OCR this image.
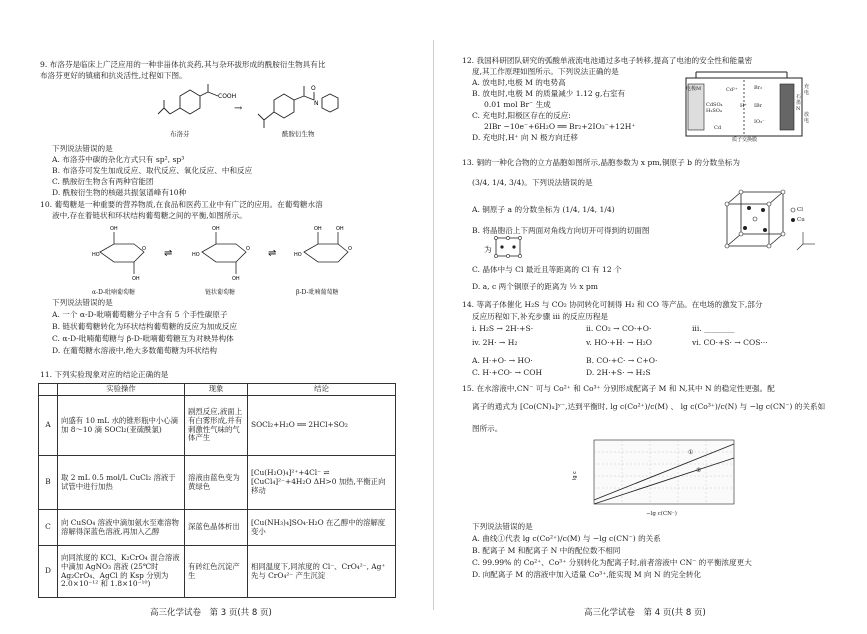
9. 布洛芬是临床上广泛应用的一种非甾体抗炎药,其与杂环拔形成的酰胺衍生物具有比
布洛芬更好的镇痛和抗炎活性,过程如下图。
COOH
布洛芬
→
O
N
酰胺衍生物
下列说法错误的是
A. 布洛芬中碳的杂化方式只有 sp², sp³
B. 布洛芬可发生加成反应、取代反应、氧化反应、中和反应
C. 酰胺衍生物含有两种官能团
D. 酰胺衍生物的核磁共振氢谱峰有10种
10. 葡萄糖是一种重要的营养物质,在食品和医药工业中有广泛的应用。在葡萄糖水溶
液中,存在着链状和环状结构葡萄糖之间的平衡,如图所示。
OH
OH
HO
O
OH
OH
HO
O
OH	OH
HO
O
⇌	⇌
α-D-吡喃葡萄糖	链状葡萄糖	β-D-吡喃葡萄糖
下列说法错误的是
A. 一个 α-D-吡喃葡萄糖分子中含有 5 个手性碳原子
B. 链状葡萄糖转化为环状结构葡萄糖的反应为加成反应
C. α-D-吡喃葡萄糖与 β-D-吡喃葡萄糖互为对映异构体
D. 在葡萄糖水溶液中,绝大多数葡萄糖为环状结构
11. 下列实验现象对应的结论正确的是
	实验操作	现象	结论
A	向盛有 10 mL 水的锥形瓶中小心滴加 8～10 滴 SOCl₂(亚硫酰氯)	剧烈反应,液面上有白雾形成,并有刺激性气味的气体产生	SOCl₂+H₂O ══ 2HCl+SO₂
B	取 2 mL 0.5 mol/L CuCl₂ 溶液于试管中进行加热	溶液由蓝色变为黄绿色	[Cu(H₂O)₄]²⁺+4Cl⁻ ⇌ [CuCl₄]²⁻+4H₂O ΔH>0 加热,平衡正向移动
C	向 CuSO₄ 溶液中滴加氨水至难溶物溶解得深蓝色溶液,再加入乙醇	深蓝色晶体析出	[Cu(NH₃)₄]SO₄·H₂O 在乙醇中的溶解度变小
D	向同浓度的 KCl、K₂CrO₄ 混合溶液中滴加 AgNO₃ 溶液 (25℃时 Ag₂CrO₄、AgCl 的 Ksp 分别为 2.0×10⁻¹² 和 1.8×10⁻¹⁰)	有砖红色沉淀产生	相同温度下,同浓度的 Cl⁻、CrO₄²⁻, Ag⁺ 先与 CrO₄²⁻ 产生沉淀
高三化学试卷　第 3 页(共 8 页)
12. 我国科研团队研究的弧酸单液流电池通过多电子转移,提高了电池的安全性和能量密
度,其工作原理如图所示。下列说法正确的是
A. 放电时,电极 M 的电势高
B. 放电时,电极 M 的质量减少 1.12 g,右室有
0.01 mol Br⁻ 生成
C. 充电时,阳极区存在的反应:
2IBr −10e⁻+6H₂O ══ Br₂+2IO₃⁻+12H⁺
D. 充电时,H⁺ 向 N 极方向迁移
电极M
CdSO₄ H₂SO₄
Cd²⁺
H⁺
Cd
Br₂
IBr
IO₃⁻
质子交换膜
石墨N
充电
放电
13. 铜的一种化合物的立方晶胞如图所示,晶胞参数为 x pm,铜原子 b 的分数坐标为
(3/4, 1/4, 3/4)。下列说法错误的是
A. 铜原子 a 的分数坐标为 (1/4, 1/4, 1/4)
B. 将晶胞沿上下两面对角线方向切开可得到的切面图
为
C. 晶体中与 Cl 最近且等距离的 Cl 有 12 个
D. a, c 两个铜原子的距离为 ½ x pm
Cl
Cu
14. 等离子体催化 H₂S 与 CO₂ 协同转化可制得 H₂ 和 CO 等产品。在电场的激发下,部分
反应历程如下,补充步骤 iii 的反应历程是
i. H₂S → 2H·+S·	ii. CO₂ → CO·+O·	iii. ________
iv. 2H· → H₂	v. HO·+H· → H₂O	vi. CO·+S· → COS···
A. H·+O· → HO·	B. CO·+C· → C+O·
C. H·+CO· → COH	D. 2H·+S· → H₂S
15. 在水溶液中,CN⁻ 可与 Co²⁺ 和 Co³⁺ 分别形成配离子 M 和 N,其中 N 的稳定性更强。配
离子的通式为 [Co(CN)ₓ]ʸ⁻,达到平衡时, lg c(Co²⁺)/c(M) 、 lg c(Co³⁺)/c(N) 与 −lg c(CN⁻) 的关系如
图所示。
lg c
①
②
−lg c(CN⁻)
下列说法错误的是
A. 曲线①代表 lg c(Co²⁺)/c(M) 与 −lg c(CN⁻) 的关系
B. 配离子 M 和配离子 N 中的配位数不相同
C. 99.99% 的 Co²⁺、Co³⁺ 分别转化为配离子时,前者溶液中 CN⁻ 的平衡浓度更大
D. 向配离子 M 的溶液中加入适量 Co³⁺,能实现 M 向 N 的完全转化
高三化学试卷　第 4 页(共 8 页)
